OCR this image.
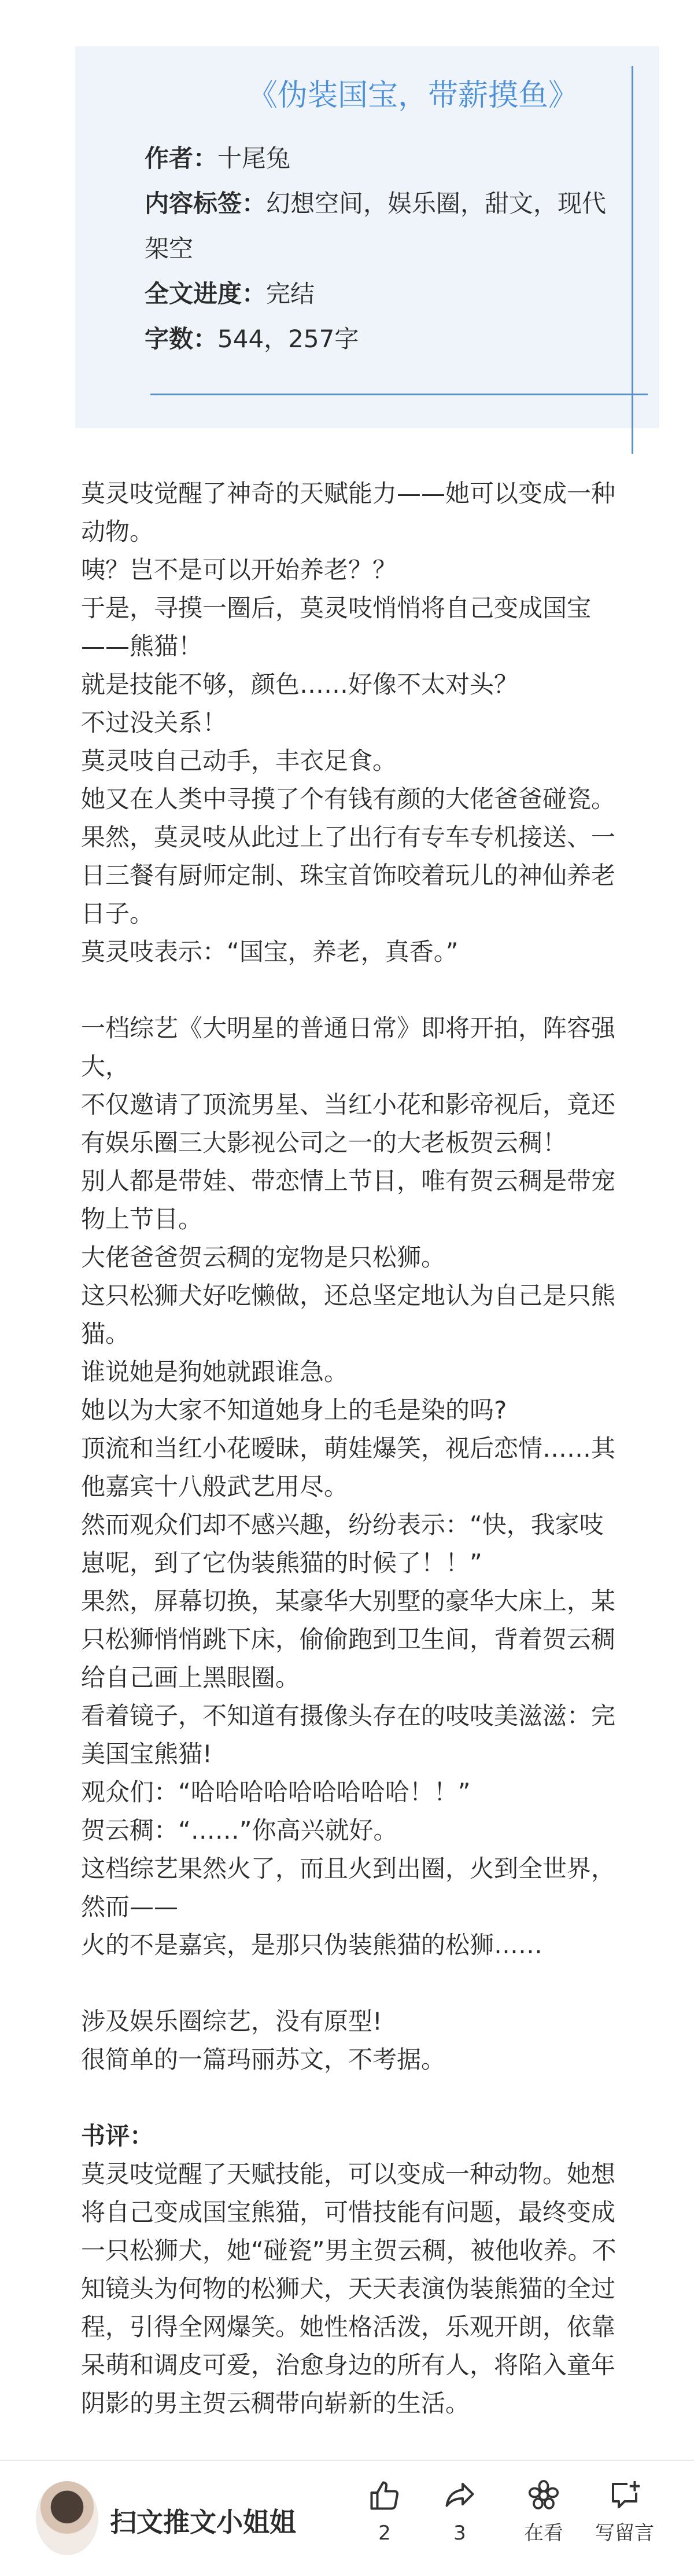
《伪装国宝，带薪摸鱼》
作者：十尾兔
内容标签：幻想空间，娱乐圈，甜文，现代架空
全文进度：完结
字数：544，257字

莫灵吱觉醒了神奇的天赋能力——她可以变成一种动物。

咦？岂不是可以开始养老？？

于是，寻摸一圈后，莫灵吱悄悄将自己变成国宝——熊猫！

就是技能不够，颜色……好像不太对头？

不过没关系！

莫灵吱自己动手，丰衣足食。

她又在人类中寻摸了个有钱有颜的大佬爸爸碰瓷。

果然，莫灵吱从此过上了出行有专车专机接送、一日三餐有厨师定制、珠宝首饰咬着玩儿的神仙养老日子。

莫灵吱表示：“国宝，养老，真香。”

一档综艺《大明星的普通日常》即将开拍，阵容强大，

不仅邀请了顶流男星、当红小花和影帝视后，竟还有娱乐圈三大影视公司之一的大老板贺云稠！

别人都是带娃、带恋情上节目，唯有贺云稠是带宠物上节目。

大佬爸爸贺云稠的宠物是只松狮。

这只松狮犬好吃懒做，还总坚定地认为自己是只熊猫。

谁说她是狗她就跟谁急。

她以为大家不知道她身上的毛是染的吗?

顶流和当红小花暧昧，萌娃爆笑，视后恋情……其他嘉宾十八般武艺用尽。

然而观众们却不感兴趣，纷纷表示：“快，我家吱崽呢，到了它伪装熊猫的时候了！！”

果然，屏幕切换，某豪华大别墅的豪华大床上，某只松狮悄悄跳下床，偷偷跑到卫生间，背着贺云稠给自己画上黑眼圈。

看着镜子，不知道有摄像头存在的吱吱美滋滋：完美国宝熊猫!

观众们：“哈哈哈哈哈哈哈哈哈！！”

贺云稠：“……”你高兴就好。

这档综艺果然火了，而且火到出圈，火到全世界，然而——

火的不是嘉宾，是那只伪装熊猫的松狮……

涉及娱乐圈综艺，没有原型!

很简单的一篇玛丽苏文，不考据。

书评：

莫灵吱觉醒了天赋技能，可以变成一种动物。她想将自己变成国宝熊猫，可惜技能有问题，最终变成一只松狮犬，她“碰瓷”男主贺云稠，被他收养。不知镜头为何物的松狮犬，天天表演伪装熊猫的全过程，引得全网爆笑。她性格活泼，乐观开朗，依靠呆萌和调皮可爱，治愈身边的所有人，将陷入童年阴影的男主贺云稠带向崭新的生活。

扫文推文小姐姐	2	3	在看	写留言
